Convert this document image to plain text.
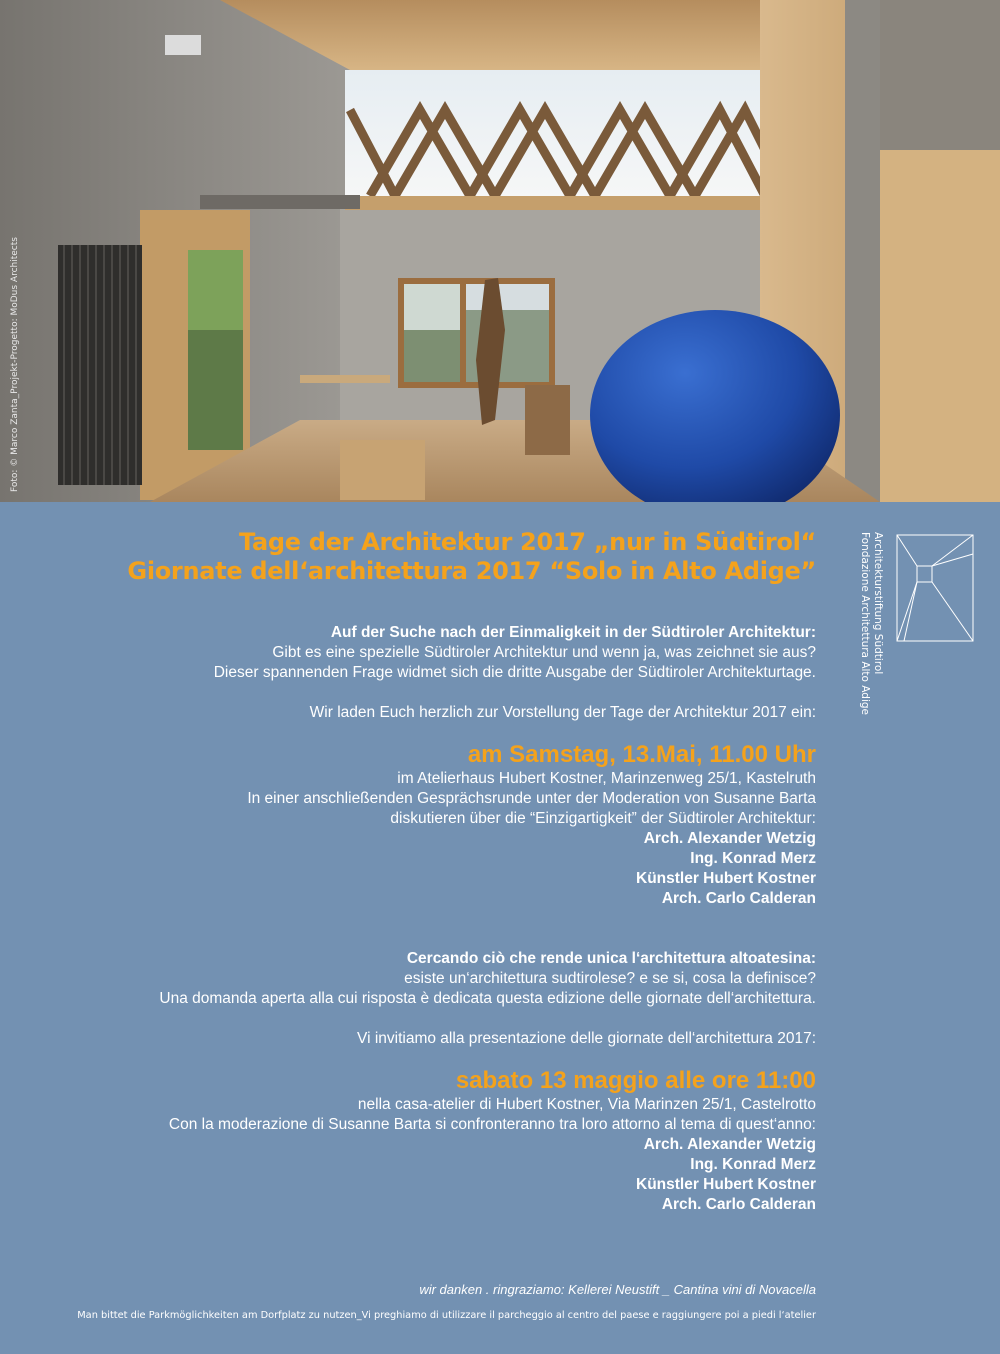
Foto: © Marco Zanta_Projekt-Progetto: MoDus Architects
Architekturstiftung Südtirol
Fondazione Architettura Alto Adige
Tage der Architektur 2017 „nur in Südtirol“
Giornate dell‘architettura 2017 “Solo in Alto Adige”
Auf der Suche nach der Einmaligkeit in der Südtiroler Architektur:
Gibt es eine spezielle Südtiroler Architektur und wenn ja, was zeichnet sie aus?
Dieser spannenden Frage widmet sich die dritte Ausgabe der Südtiroler Architekturtage.
Wir laden Euch herzlich zur Vorstellung der Tage der Architektur 2017 ein:
am Samstag, 13.Mai, 11.00 Uhr
im Atelierhaus Hubert Kostner, Marinzenweg 25/1, Kastelruth
In einer anschließenden Gesprächsrunde unter der Moderation von Susanne Barta
diskutieren über die “Einzigartigkeit” der Südtiroler Architektur:
Arch. Alexander Wetzig
Ing. Konrad Merz
Künstler Hubert Kostner
Arch. Carlo Calderan
Cercando ciò che rende unica l‘architettura altoatesina:
esiste un‘architettura sudtirolese? e se si, cosa la definisce?
Una domanda aperta alla cui risposta è dedicata questa edizione delle giornate dell‘architettura.
Vi invitiamo alla presentazione delle giornate dell‘architettura 2017:
sabato 13 maggio alle ore 11:00
nella casa-atelier di Hubert Kostner, Via Marinzen 25/1, Castelrotto
Con la moderazione di Susanne Barta si confronteranno tra loro attorno al tema di quest‘anno:
Arch. Alexander Wetzig
Ing. Konrad Merz
Künstler Hubert Kostner
Arch. Carlo Calderan
wir danken . ringraziamo: Kellerei Neustift _ Cantina vini di Novacella
Man bittet die Parkmöglichkeiten am Dorfplatz zu nutzen_Vi preghiamo di utilizzare il parcheggio al centro del paese e raggiungere poi a piedi l‘atelier
